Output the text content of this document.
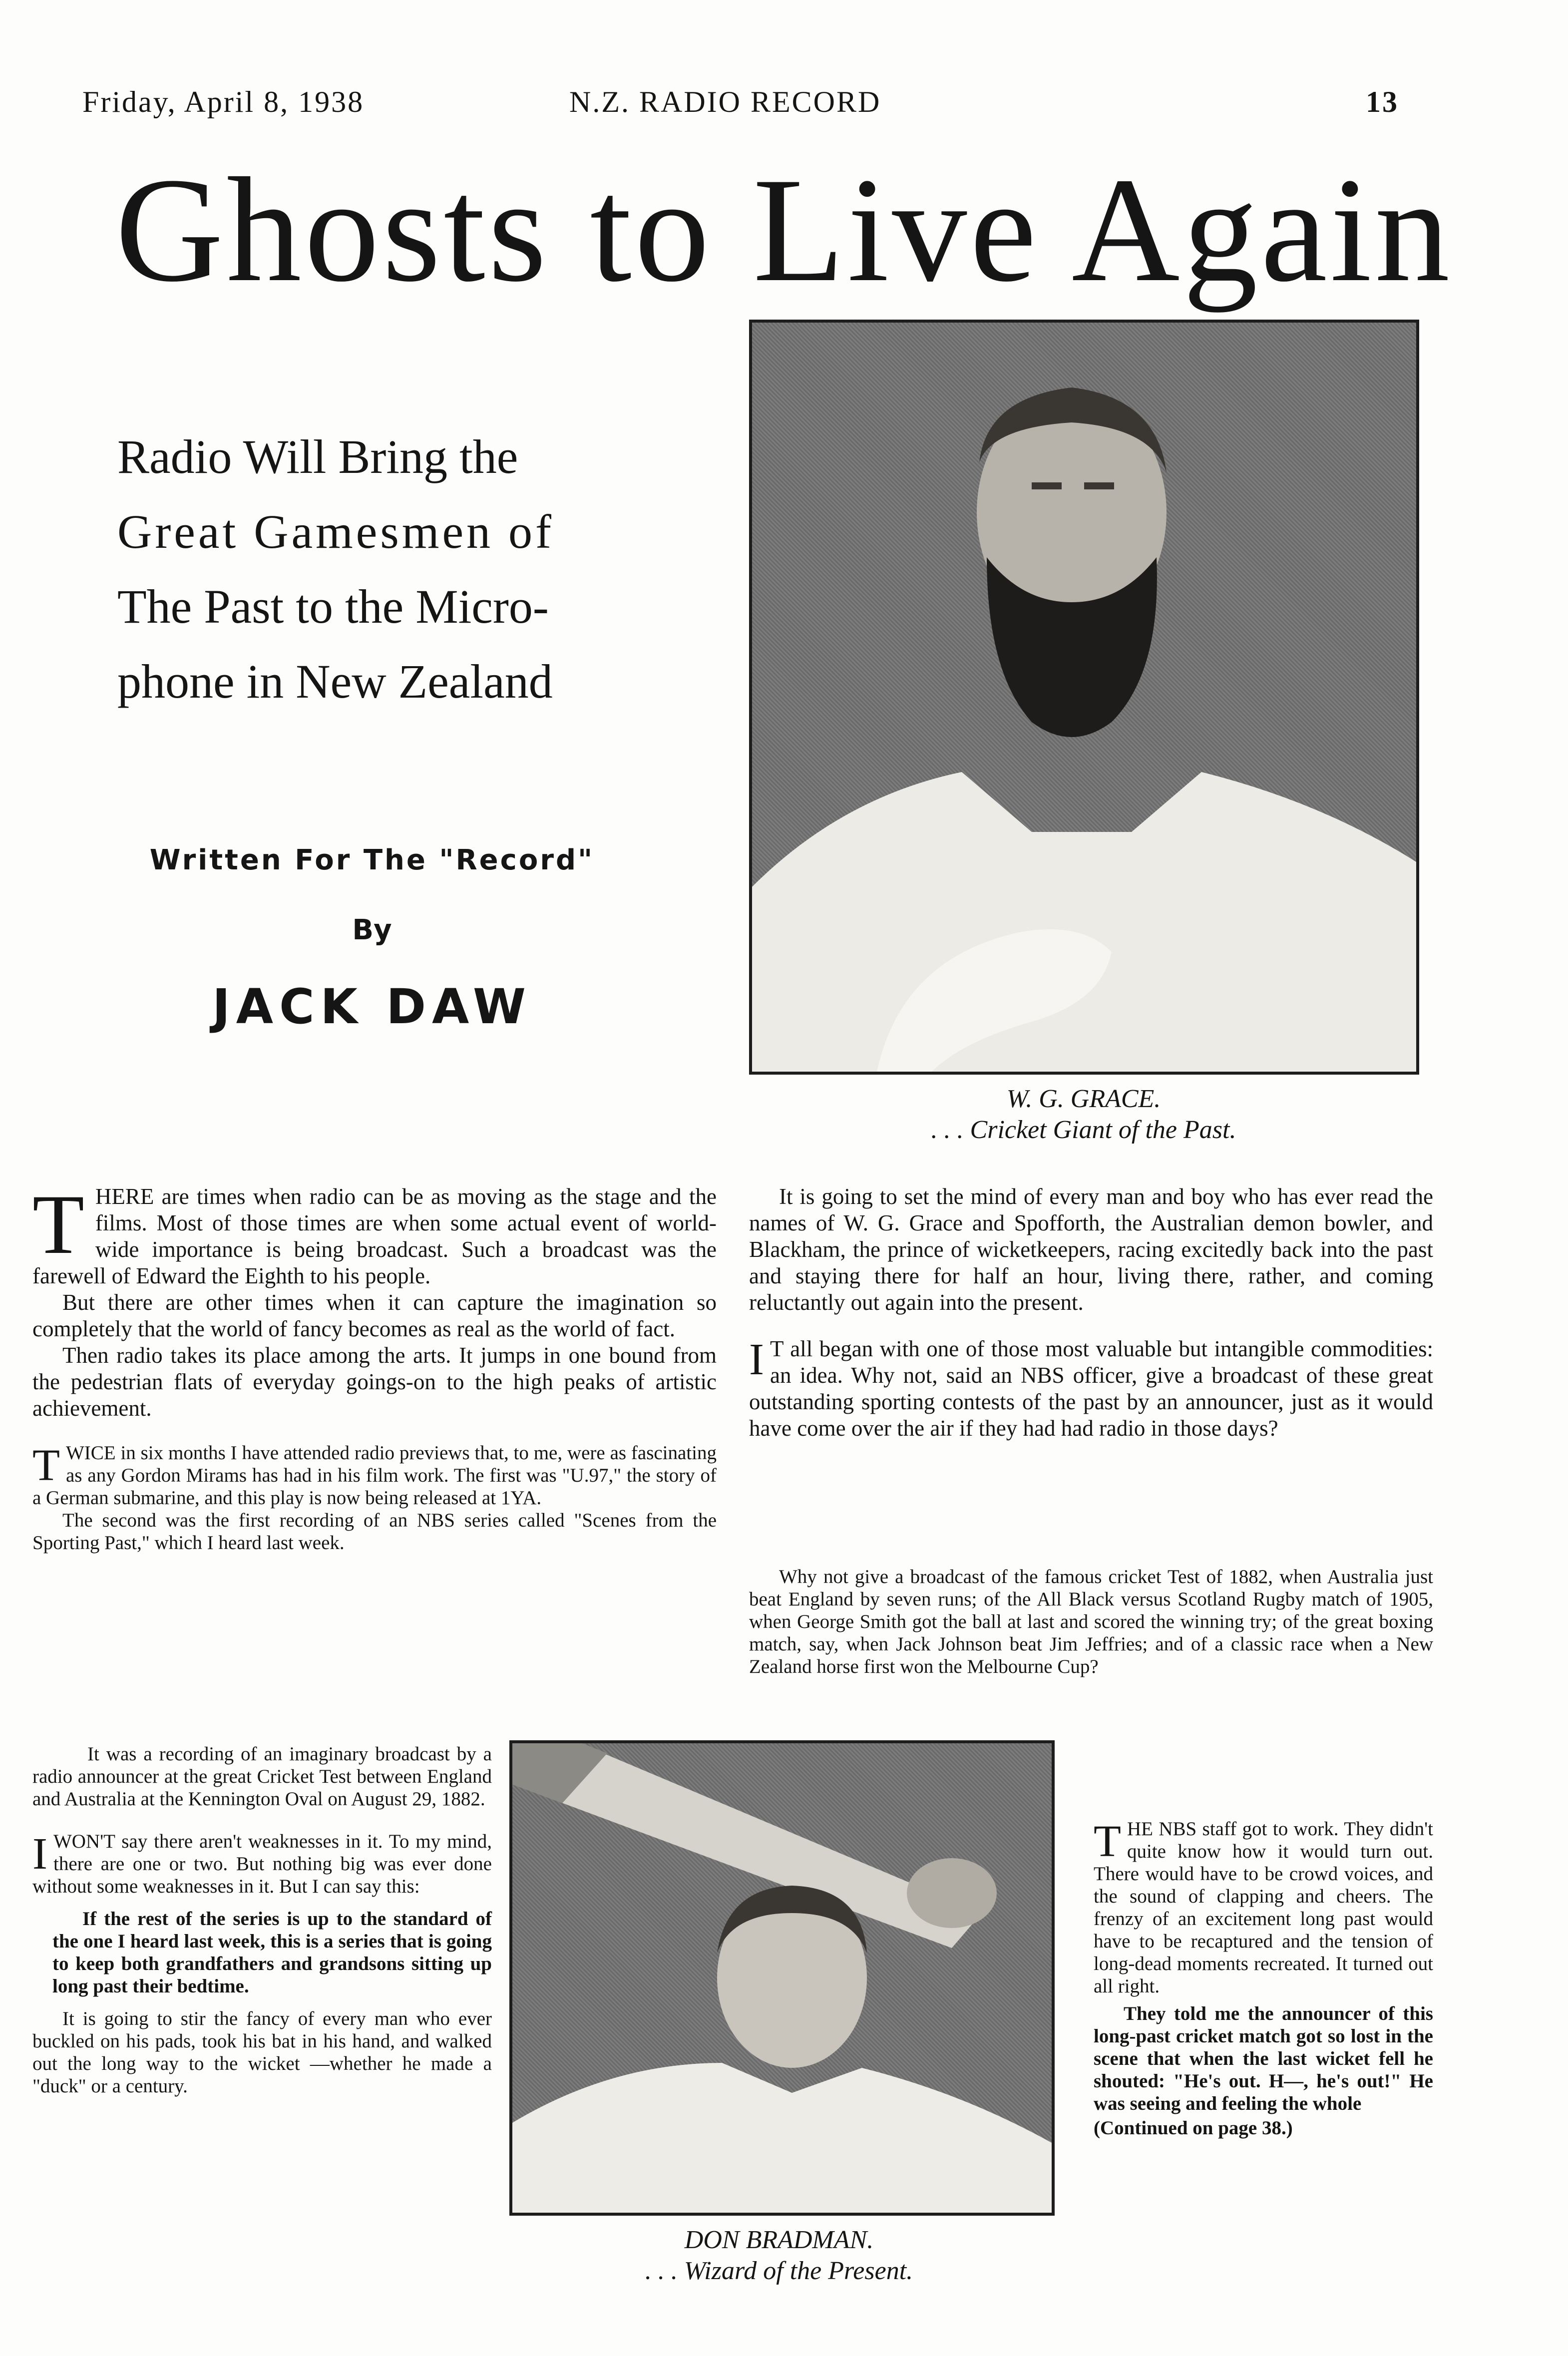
Friday, April 8, 1938	N.Z. RADIO RECORD	13
Ghosts to Live Again
Radio Will Bring the
Great Gamesmen of
The Past to the Micro-
phone in New Zealand
Written For The "Record"
By
JACK DAW
W. G. GRACE.
. . . Cricket Giant of the Past.
DON BRADMAN.
. . . Wizard of the Present.

THERE are times when radio can be as moving as the stage and the films. Most of those times are when some actual event of world-wide importance is being broadcast. Such a broadcast was the farewell of Edward the Eighth to his people.

But there are other times when it can capture the imagination so completely that the world of fancy becomes as real as the world of fact.

Then radio takes its place among the arts. It jumps in one bound from the pedestrian flats of everyday goings-on to the high peaks of artistic achievement.

TWICE in six months I have attended radio previews that, to me, were as fascinating as any Gordon Mirams has had in his film work. The first was "U.97," the story of a German submarine, and this play is now being released at 1YA.

The second was the first recording of an NBS series called "Scenes from the Sporting Past," which I heard last week.

It was a recording of an imaginary broadcast by a radio announcer at the great Cricket Test between England and Australia at the Kennington Oval on August 29, 1882.

IWON'T say there aren't weaknesses in it. To my mind, there are one or two. But nothing big was ever done without some weaknesses in it. But I can say this:

If the rest of the series is up to the standard of the one I heard last week, this is a series that is going to keep both grandfathers and grandsons sitting up long past their bedtime.

It is going to stir the fancy of every man who ever buckled on his pads, took his bat in his hand, and walked out the long way to the wicket —whether he made a "duck" or a century.

It is going to set the mind of every man and boy who has ever read the names of W. G. Grace and Spofforth, the Australian demon bowler, and Blackham, the prince of wicketkeepers, racing excitedly back into the past and staying there for half an hour, living there, rather, and coming reluctantly out again into the present.

I T all began with one of those most valuable but intangible commodities: an idea. Why not, said an NBS officer, give a broadcast of these great outstanding sporting contests of the past by an announcer, just as it would have come over the air if they had had radio in those days?

Why not give a broadcast of the famous cricket Test of 1882, when Australia just beat England by seven runs; of the All Black versus Scotland Rugby match of 1905, when George Smith got the ball at last and scored the winning try; of the great boxing match, say, when Jack Johnson beat Jim Jeffries; and of a classic race when a New Zealand horse first won the Melbourne Cup?

THE NBS staff got to work. They didn't quite know how it would turn out. There would have to be crowd voices, and the sound of clapping and cheers. The frenzy of an excitement long past would have to be recaptured and the tension of long-dead moments recreated. It turned out all right.

They told me the announcer of this long-past cricket match got so lost in the scene that when the last wicket fell he shouted: "He's out. H—, he's out!" He was seeing and feeling the whole

(Continued on page 38.)
